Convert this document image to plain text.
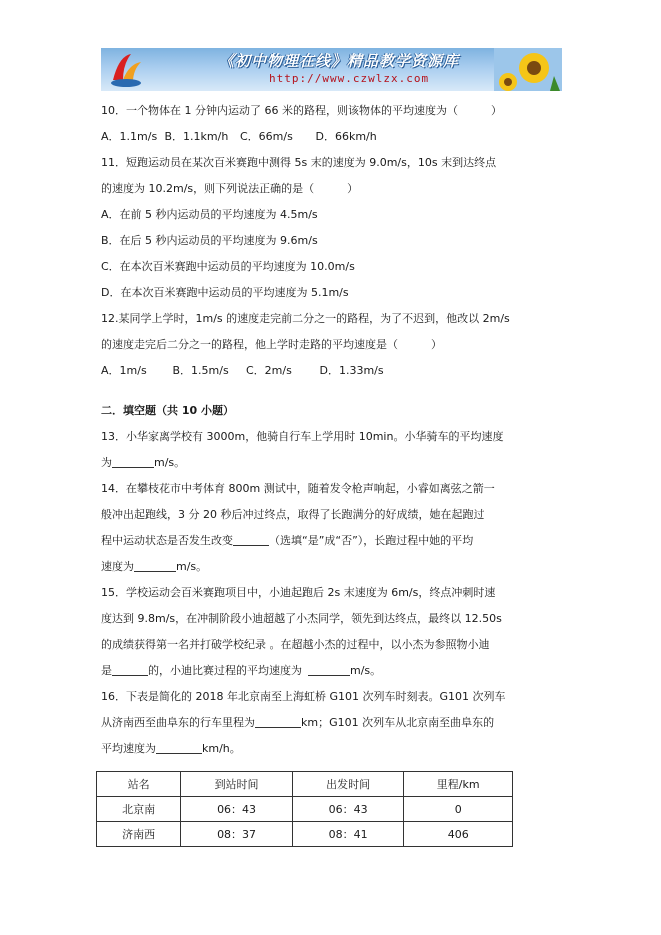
《初中物理在线》精品教学资源库
http://www.czwlzx.com
10．一个物体在 1 分钟内运动了 66 米的路程，则该物体的平均速度为（　　　）
A．1.1m/s B．1.1km/h C．66m/s D．66km/h
11．短跑运动员在某次百米赛跑中测得 5s 末的速度为 9.0m/s，10s 末到达终点
的速度为 10.2m/s，则下列说法正确的是（　　　）
A．在前 5 秒内运动员的平均速度为 4.5m/s
B．在后 5 秒内运动员的平均速度为 9.6m/s
C．在本次百米赛跑中运动员的平均速度为 10.0m/s
D．在本次百米赛跑中运动员的平均速度为 5.1m/s
12.某同学上学时，1m/s 的速度走完前二分之一的路程，为了不迟到，他改以 2m/s
的速度走完后二分之一的路程，他上学时走路的平均速度是（　　　）
A．1m/s B．1.5m/s C．2m/s	D．1.33m/s
二．填空题（共 10 小题）
13．小华家离学校有 3000m，他骑自行车上学用时 10min。小华骑车的平均速度
为	m/s。
14．在攀枝花市中考体育 800m 测试中，随着发令枪声响起，小睿如离弦之箭一
般冲出起跑线，3 分 20 秒后冲过终点，取得了长跑满分的好成绩，她在起跑过
程中运动状态是否发生改变	（选填“是”成“否”），长跑过程中她的平均
速度为	m/s。
15．学校运动会百米赛跑项目中，小迪起跑后 2s 末速度为 6m/s，终点冲刺时速
度达到 9.8m/s，在冲制阶段小迪超越了小杰同学，领先到达终点，最终以 12.50s
的成绩获得第一名并打破学校纪录 。在超越小杰的过程中，以小杰为参照物小迪
是	的，小迪比赛过程的平均速度为	m/s。
16．下表是简化的 2018 年北京南至上海虹桥 G101 次列车时刻表。G101 次列车
从济南西至曲阜东的行车里程为	km；G101 次列车从北京南至曲阜东的
平均速度为	km/h。
站名	到站时间	出发时间	里程/km
北京南	06：43	06：43	0
济南西	08：37	08：41	406
